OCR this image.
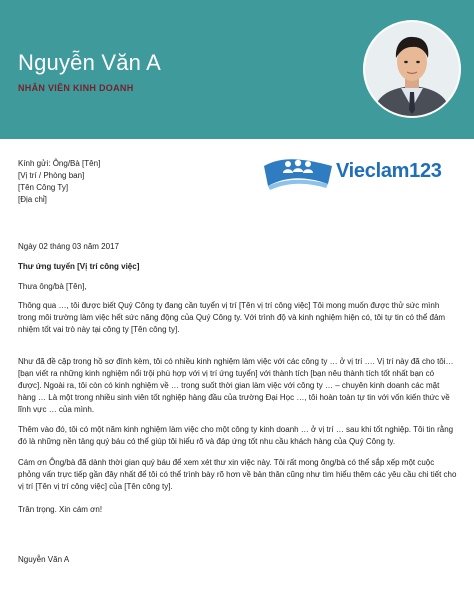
Nguyễn Văn A

NHÂN VIÊN KINH DOANH

Kính gửi: Ông/Bà [Tên]
[Vị trí / Phòng ban]
[Tên Công Ty]
[Địa chỉ]
Vieclam123

Ngày 02 tháng 03 năm 2017

Thư ứng tuyển [Vị trí công việc]

Thưa ông/bà [Tên],

Thông qua …, tôi được biết Quý Công ty đang cần tuyển vị trí [Tên vị trí công việc] Tôi mong muốn được thử sức mình trong môi trường làm việc hết sức năng động của Quý Công ty. Với trình độ và kinh nghiệm hiện có, tôi tự tin có thể đảm nhiệm tốt vai trò này tại công ty [Tên công ty].

Như đã đề cập trong hồ sơ đính kèm, tôi có nhiều kinh nghiệm làm việc với các công ty … ở vị trí …. Vị trí này đã cho tôi… [bạn viết ra những kinh nghiệm nổi trội phù hợp với vị trí ứng tuyển] với thành tích [bạn nêu thành tích tốt nhất bạn có được]. Ngoài ra, tôi còn có kinh nghiệm về … trong suốt thời gian làm việc với công ty … – chuyên kinh doanh các mặt hàng … Là một trong nhiều sinh viên tốt nghiệp hàng đầu của trường Đại Học …, tôi hoàn toàn tự tin với vốn kiến thức về lĩnh vực … của mình.

Thêm vào đó, tôi có một năm kinh nghiệm làm việc cho một công ty kinh doanh … ở vị trí … sau khi tốt nghiệp. Tôi tin rằng đó là những nền tảng quý báu có thể giúp tôi hiểu rõ và đáp ứng tốt nhu cầu khách hàng của Quý Công ty.

Cám ơn Ông/bà đã dành thời gian quý báu để xem xét thư xin việc này. Tôi rất mong ông/bà có thể sắp xếp một cuộc phỏng vấn trực tiếp gần đây nhất để tôi có thể trình bày rõ hơn về bản thân cũng như tìm hiểu thêm các yêu cầu chi tiết cho vị trí [Tên vị trí công việc] của [Tên công ty].

Trân trọng. Xin cám ơn!

Nguyễn Văn A
